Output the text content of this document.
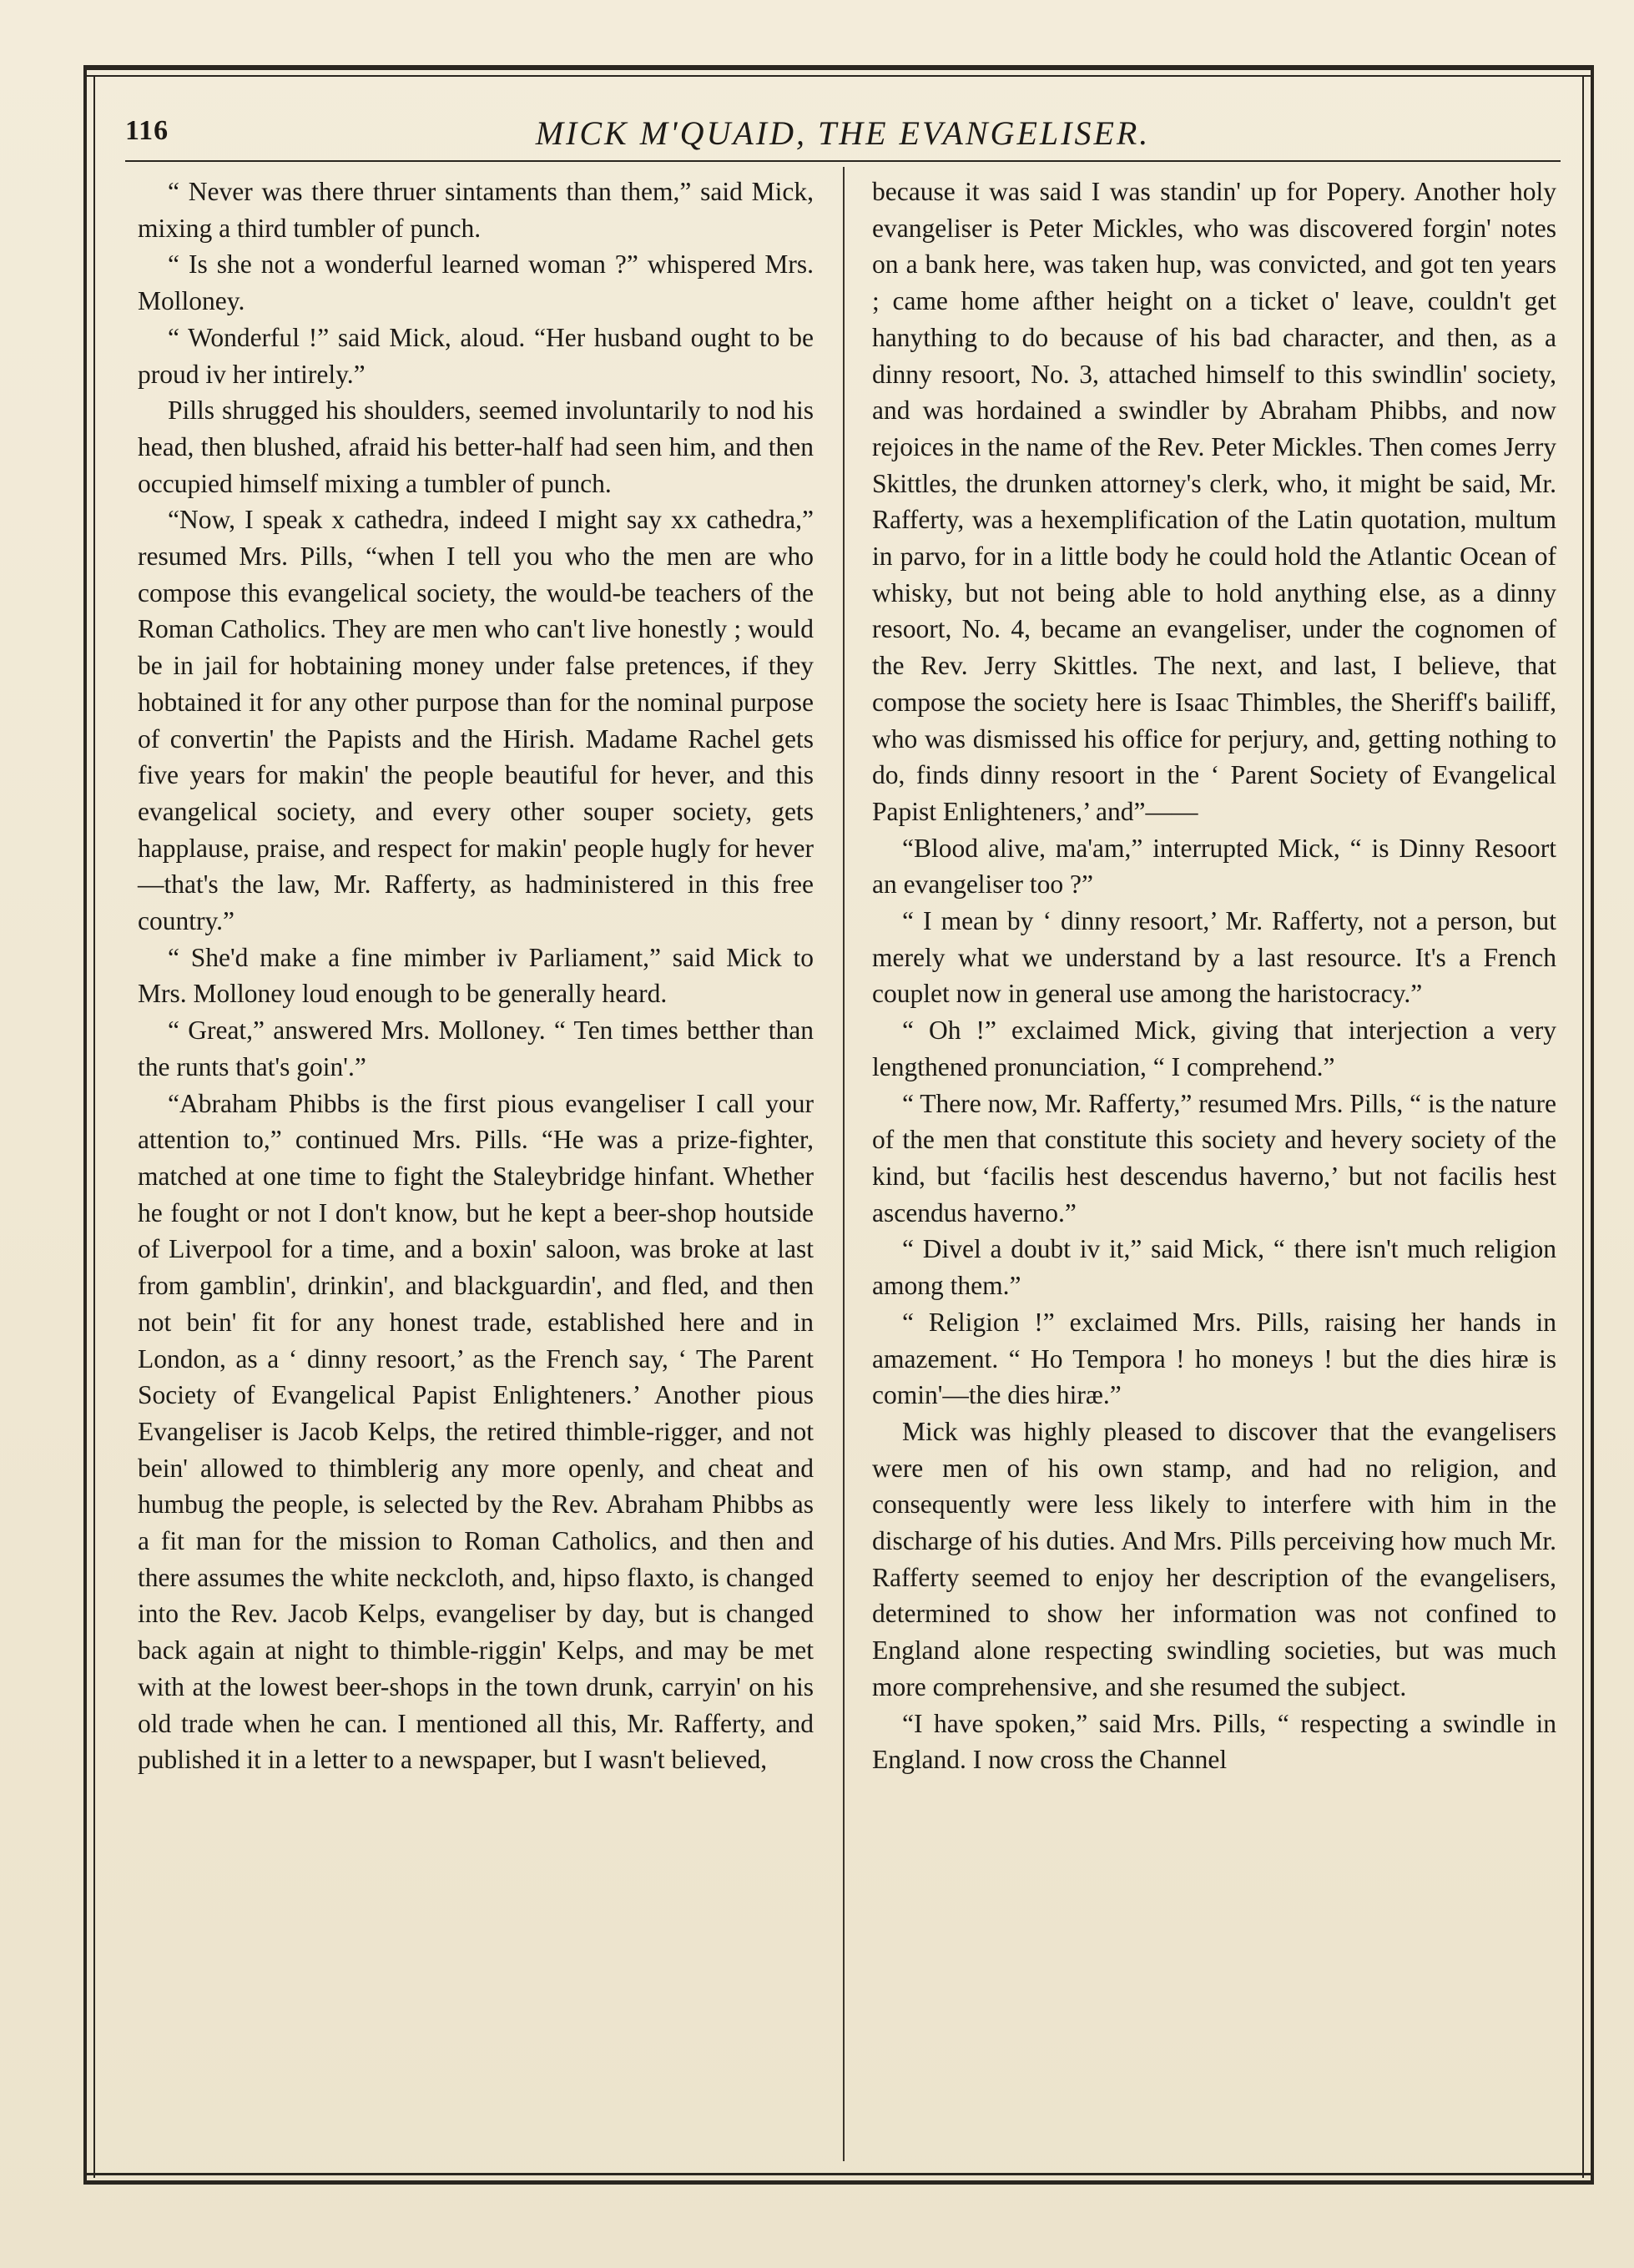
116	MICK M'QUAID, THE EVANGELISER.

“ Never was there thruer sintaments than them,” said Mick, mixing a third tumbler of punch.

“ Is she not a wonderful learned woman ?” whispered Mrs. Molloney.

“ Wonderful !” said Mick, aloud. “Her husband ought to be proud iv her intirely.”

Pills shrugged his shoulders, seemed involuntarily to nod his head, then blushed, afraid his better-half had seen him, and then occupied himself mixing a tumbler of punch.

“Now, I speak x cathedra, indeed I might say xx cathedra,” resumed Mrs. Pills, “when I tell you who the men are who compose this evangelical society, the would-be teachers of the Roman Catholics. They are men who can't live honestly ; would be in jail for hobtaining money under false pretences, if they hobtained it for any other purpose than for the nominal purpose of convertin' the Papists and the Hirish. Madame Rachel gets five years for makin' the people beautiful for hever, and this evangelical society, and every other souper society, gets happlause, praise, and respect for makin' people hugly for hever—that's the law, Mr. Rafferty, as hadministered in this free country.”

“ She'd make a fine mimber iv Parliament,” said Mick to Mrs. Molloney loud enough to be generally heard.

“ Great,” answered Mrs. Molloney. “ Ten times betther than the runts that's goin'.”

“Abraham Phibbs is the first pious evangeliser I call your attention to,” continued Mrs. Pills. “He was a prize-fighter, matched at one time to fight the Staleybridge hinfant. Whether he fought or not I don't know, but he kept a beer-shop houtside of Liverpool for a time, and a boxin' saloon, was broke at last from gamblin', drinkin', and blackguardin', and fled, and then not bein' fit for any honest trade, established here and in London, as a ‘ dinny resoort,’ as the French say, ‘ The Parent Society of Evangelical Papist Enlighteners.’ Another pious Evangeliser is Jacob Kelps, the retired thimble-rigger, and not bein' allowed to thimblerig any more openly, and cheat and humbug the people, is selected by the Rev. Abraham Phibbs as a fit man for the mission to Roman Catholics, and then and there assumes the white neckcloth, and, hipso flaxto, is changed into the Rev. Jacob Kelps, evangeliser by day, but is changed back again at night to thimble-riggin' Kelps, and may be met with at the lowest beer-shops in the town drunk, carryin' on his old trade when he can. I mentioned all this, Mr. Rafferty, and published it in a letter to a newspaper, but I wasn't believed,

because it was said I was standin' up for Popery. Another holy evangeliser is Peter Mickles, who was discovered forgin' notes on a bank here, was taken hup, was convicted, and got ten years ; came home afther height on a ticket o' leave, couldn't get hanything to do because of his bad character, and then, as a dinny resoort, No. 3, attached himself to this swindlin' society, and was hordained a swindler by Abraham Phibbs, and now rejoices in the name of the Rev. Peter Mickles. Then comes Jerry Skittles, the drunken attorney's clerk, who, it might be said, Mr. Rafferty, was a hexemplification of the Latin quotation, multum in parvo, for in a little body he could hold the Atlantic Ocean of whisky, but not being able to hold anything else, as a dinny resoort, No. 4, became an evangeliser, under the cognomen of the Rev. Jerry Skittles. The next, and last, I believe, that compose the society here is Isaac Thimbles, the Sheriff's bailiff, who was dismissed his office for perjury, and, getting nothing to do, finds dinny resoort in the ‘ Parent Society of Evangelical Papist Enlighteners,’ and”——

“Blood alive, ma'am,” interrupted Mick, “ is Dinny Resoort an evangeliser too ?”

“ I mean by ‘ dinny resoort,’ Mr. Rafferty, not a person, but merely what we understand by a last resource. It's a French couplet now in general use among the haristocracy.”

“ Oh !” exclaimed Mick, giving that interjection a very lengthened pronunciation, “ I comprehend.”

“ There now, Mr. Rafferty,” resumed Mrs. Pills, “ is the nature of the men that constitute this society and hevery society of the kind, but ‘facilis hest descendus haverno,’ but not facilis hest ascendus haverno.”

“ Divel a doubt iv it,” said Mick, “ there isn't much religion among them.”

“ Religion !” exclaimed Mrs. Pills, raising her hands in amazement. “ Ho Tempora ! ho moneys ! but the dies hiræ is comin'—the dies hiræ.”

Mick was highly pleased to discover that the evangelisers were men of his own stamp, and had no religion, and consequently were less likely to interfere with him in the discharge of his duties. And Mrs. Pills perceiving how much Mr. Rafferty seemed to enjoy her description of the evangelisers, determined to show her information was not confined to England alone respecting swindling societies, but was much more comprehensive, and she resumed the subject.

“I have spoken,” said Mrs. Pills, “ respecting a swindle in England. I now cross the Channel
